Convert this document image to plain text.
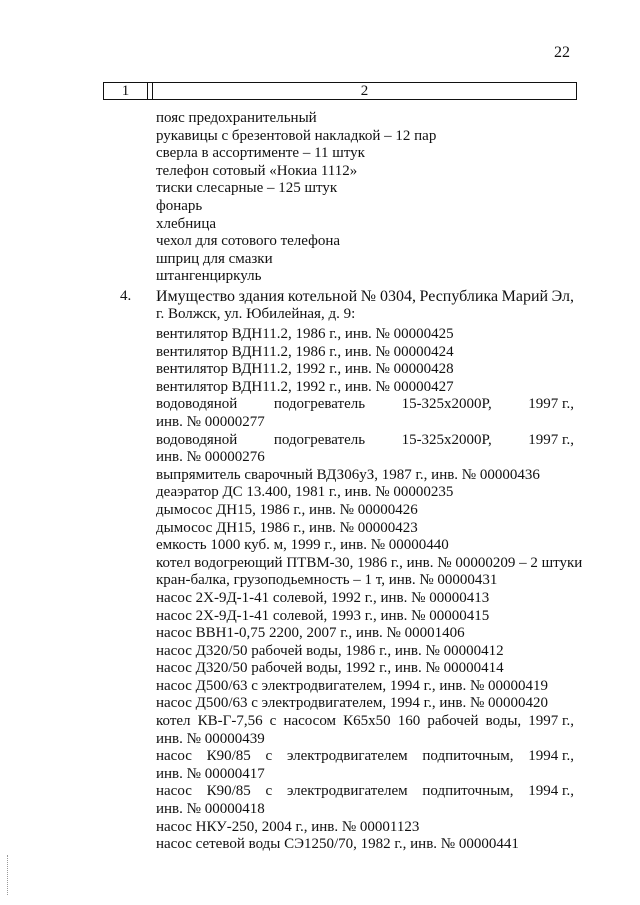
22
1	2
пояс предохранительный
рукавицы с брезентовой накладкой – 12 пар
сверла в ассортименте – 11 штук
телефон сотовый «Нокиа 1112»
тиски слесарные – 125 штук
фонарь
хлебница
чехол для сотового телефона
шприц для смазки
штангенциркуль
4. Имущество здания котельной № 0304, Республика Марий Эл,
г. Волжск, ул. Юбилейная, д. 9:
вентилятор ВДН11.2, 1986 г., инв. № 00000425
вентилятор ВДН11.2, 1986 г., инв. № 00000424
вентилятор ВДН11.2, 1992 г., инв. № 00000428
вентилятор ВДН11.2, 1992 г., инв. № 00000427
водоводяной подогреватель 15-325x2000Р, 1997 г.,
инв. № 00000277
водоводяной подогреватель 15-325x2000Р, 1997 г.,
инв. № 00000276
выпрямитель сварочный ВДЗ06уЗ, 1987 г., инв. № 00000436
деаэратор ДС 13.400, 1981 г., инв. № 00000235
дымосос ДН15, 1986 г., инв. № 00000426
дымосос ДН15, 1986 г., инв. № 00000423
емкость 1000 куб. м, 1999 г., инв. № 00000440
котел водогреющий ПТВМ-30, 1986 г., инв. № 00000209 – 2 штуки
кран-балка, грузоподьемность – 1 т, инв. № 00000431
насос 2Х-9Д-1-41 солевой, 1992 г., инв. № 00000413
насос 2Х-9Д-1-41 солевой, 1993 г., инв. № 00000415
насос ВВН1-0,75 2200, 2007 г., инв. № 00001406
насос Д320/50 рабочей воды, 1986 г., инв. № 00000412
насос Д320/50 рабочей воды, 1992 г., инв. № 00000414
насос Д500/63 с электродвигателем, 1994 г., инв. № 00000419
насос Д500/63 с электродвигателем, 1994 г., инв. № 00000420
котел КВ-Г-7,56 с насосом К65x50 160 рабочей воды, 1997 г.,
инв. № 00000439
насос К90/85 с электродвигателем подпиточным, 1994 г.,
инв. № 00000417
насос К90/85 с электродвигателем подпиточным, 1994 г.,
инв. № 00000418
насос НКУ-250, 2004 г., инв. № 00001123
насос сетевой воды СЭ1250/70, 1982 г., инв. № 00000441
